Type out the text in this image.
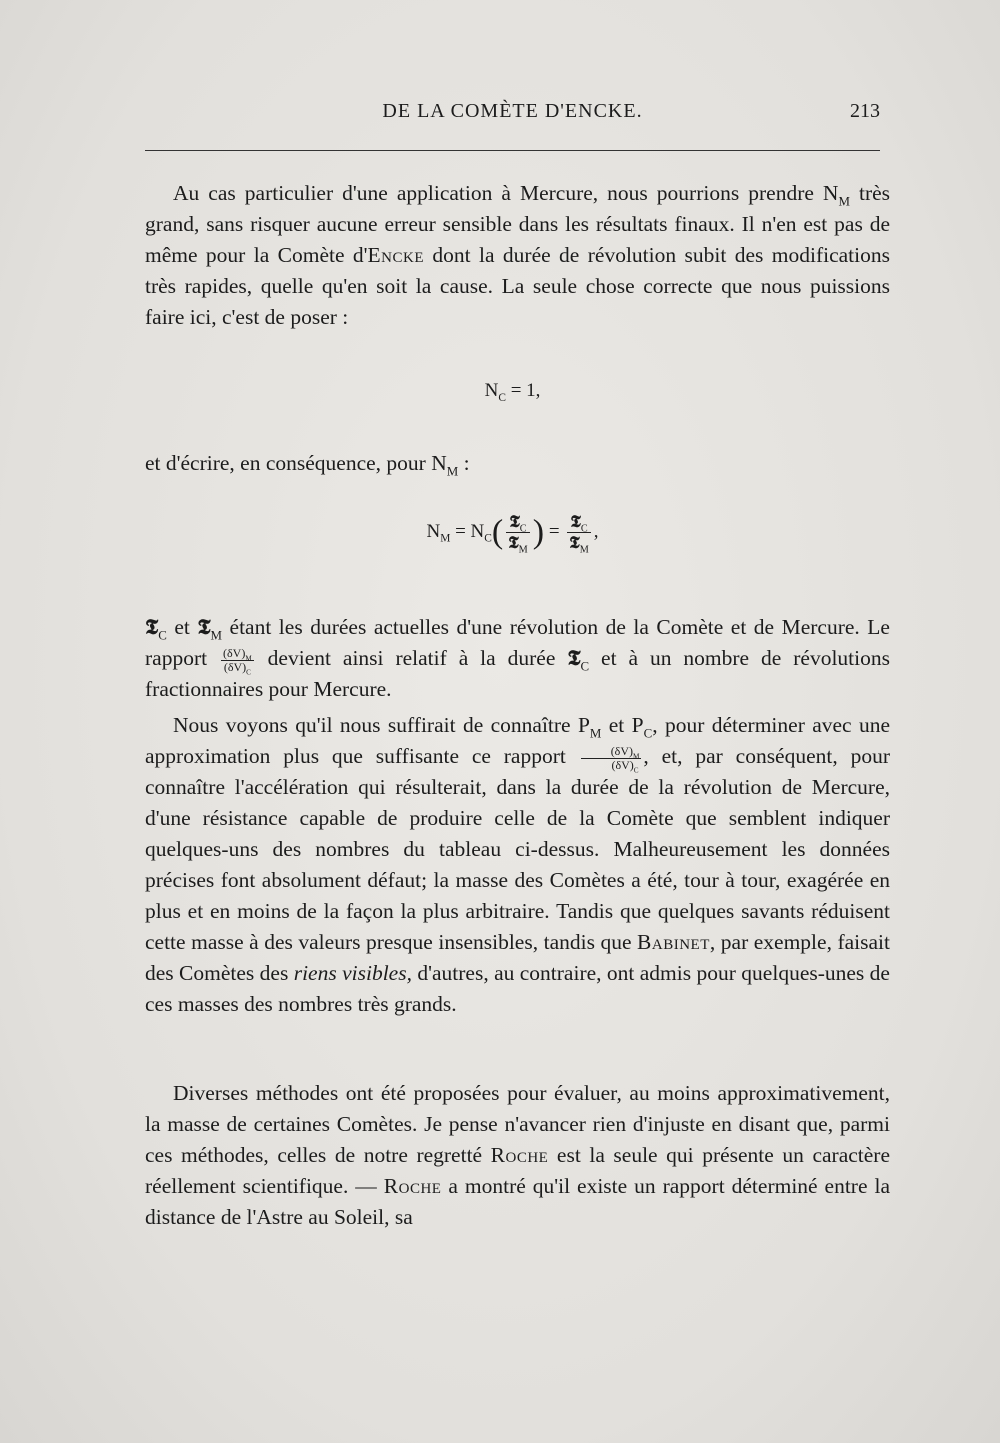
DE LA COMÈTE D'ENCKE.	213

Au cas particulier d'une application à Mercure, nous pourrions prendre $N_M$ très grand, sans risquer aucune erreur sensible dans les résultats finaux. Il n'en est pas de même pour la Comète d'Encke dont la durée de révolution subit des modifications très rapides, quelle qu'en soit la cause. La seule chose correcte que nous puissions faire ici, c'est de poser :

$N_C = 1$,

et d'écrire, en conséquence, pour $N_M$ :

$N_M = N_C( \frac{𝕿_C}{𝕿_M}$ ) = $\frac{𝕿_C}{𝕿_M}$ ,

𝕿$_C$ et 𝕿$_M$ étant les durées actuelles d'une révolution de la Comète et de Mercure. Le rapport $\frac{(\delta V)_M}{(\delta V)_C}$ devient ainsi relatif à la durée 𝕿$_C$ et à un nombre de révolutions fractionnaires pour Mercure.

Nous voyons qu'il nous suffirait de connaître $P_M$ et $P_C$, pour déterminer avec une approximation plus que suffisante ce rapport $\frac{(\delta V)_M}{(\delta V)_C}$ , et, par conséquent, pour connaître l'accélération qui résulterait, dans la durée de la révolution de Mercure, d'une résistance capable de produire celle de la Comète que semblent indiquer quelques-uns des nombres du tableau ci-dessus. Malheureusement les données précises font absolument défaut; la masse des Comètes a été, tour à tour, exagérée en plus et en moins de la façon la plus arbitraire. Tandis que quelques savants réduisent cette masse à des valeurs presque insensibles, tandis que Babinet, par exemple, faisait des Comètes des riens visibles, d'autres, au contraire, ont admis pour quelques-unes de ces masses des nombres très grands.

Diverses méthodes ont été proposées pour évaluer, au moins approximativement, la masse de certaines Comètes. Je pense n'avancer rien d'injuste en disant que, parmi ces méthodes, celles de notre regretté Roche est la seule qui présente un caractère réellement scientifique. — Roche a montré qu'il existe un rapport déterminé entre la distance de l'Astre au Soleil, sa
